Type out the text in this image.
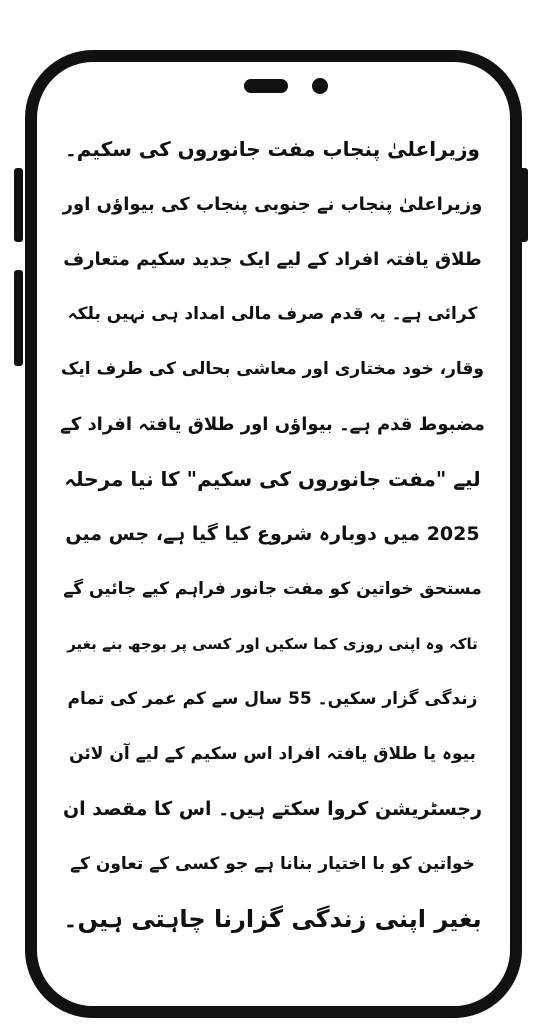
وزیراعلیٰ پنجاب مفت جانوروں کی سکیم۔
وزیراعلیٰ پنجاب نے جنوبی پنجاب کی بیواؤں اور
طلاق یافتہ افراد کے لیے ایک جدید سکیم متعارف
کرائی ہے۔ یہ قدم صرف مالی امداد ہی نہیں بلکہ
وقار، خود مختاری اور معاشی بحالی کی طرف ایک
مضبوط قدم ہے۔ بیواؤں اور طلاق یافتہ افراد کے
لیے "مفت جانوروں کی سکیم" کا نیا مرحلہ
2025 میں دوبارہ شروع کیا گیا ہے، جس میں
مستحق خواتین کو مفت جانور فراہم کیے جائیں گے
تاکہ وہ اپنی روزی کما سکیں اور کسی پر بوجھ بنے بغیر
زندگی گزار سکیں۔ 55 سال سے کم عمر کی تمام
بیوہ یا طلاق یافتہ افراد اس سکیم کے لیے آن لائن
رجسٹریشن کروا سکتے ہیں۔ اس کا مقصد ان
خواتین کو با اختیار بنانا ہے جو کسی کے تعاون کے
بغیر اپنی زندگی گزارنا چاہتی ہیں۔
